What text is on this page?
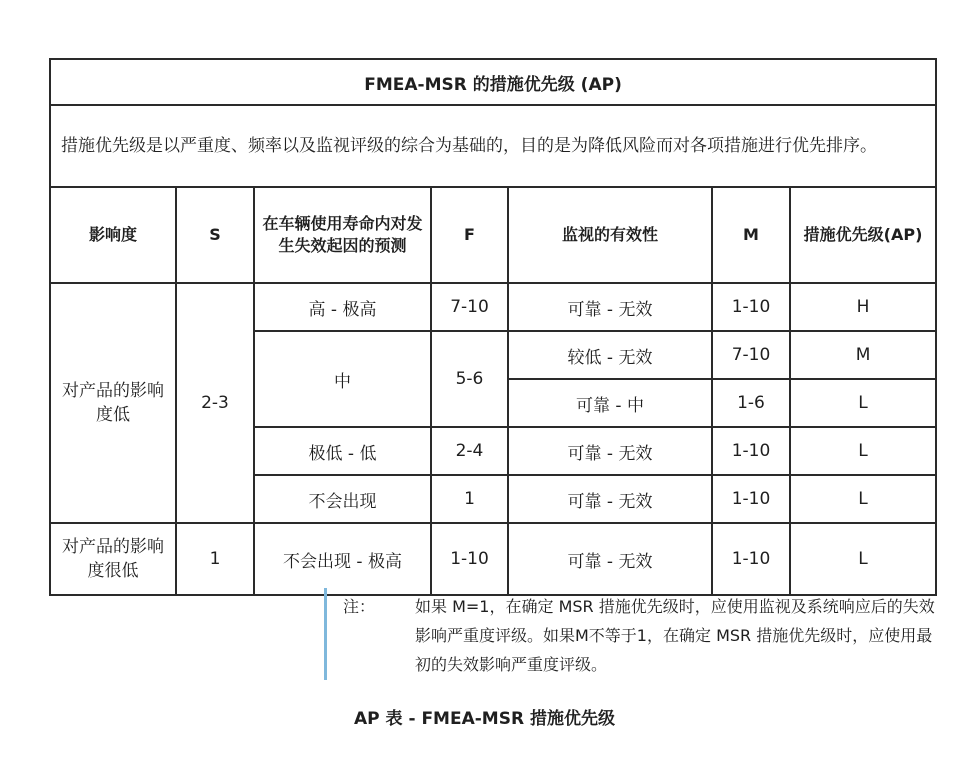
FMEA-MSR 的措施优先级 (AP)						
措施优先级是以严重度、频率以及监视评级的综合为基础的，目的是为降低风险而对各项措施进行优先排序。						
影响度	S	在车辆使用寿命内对发生失效起因的预测	F	监视的有效性	M	措施优先级(AP)
对产品的影响度低	2-3	高 - 极高	7-10	可靠 - 无效	1-10	H
		中	5-6	较低 - 无效	7-10	M
				可靠 - 中	1-6	L
		极低 - 低	2-4	可靠 - 无效	1-10	L
		不会出现	1	可靠 - 无效	1-10	L
对产品的影响度很低	1	不会出现 - 极高	1-10	可靠 - 无效	1-10	L
注： 如果 M=1，在确定 MSR 措施优先级时，应使用监视及系统响应后的失效影响严重度评级。如果M不等于1，在确定 MSR 措施优先级时，应使用最初的失效影响严重度评级。
AP 表 - FMEA-MSR 措施优先级
